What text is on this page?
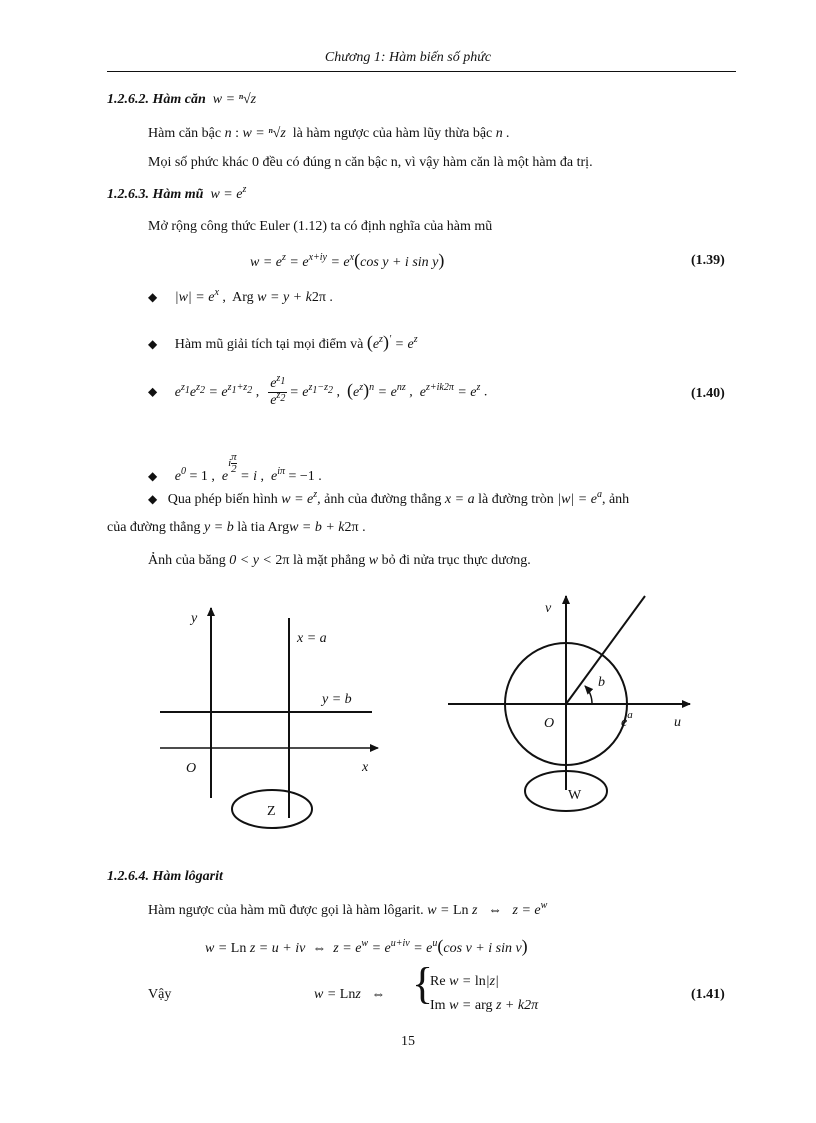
Chương 1: Hàm biến số phức
1.2.6.2. Hàm căn w = ⁿ√z
Hàm căn bậc n : w = ⁿ√z là hàm ngược của hàm lũy thừa bậc n .
Mọi số phức khác 0 đều có đúng n căn bậc n, vì vậy hàm căn là một hàm đa trị.
1.2.6.3. Hàm mũ $w = e^z$
Mở rộng công thức Euler (1.12) ta có định nghĩa của hàm mũ
$w = e^z = e^{x+iy} = e^x(\cos$ y + i sin y)	(1.39)
◆ $|w| = e^x$ ,  Arg w = y + k2π .
◆ Hàm mũ giải tích tại mọi điểm và $(e^z)' = e^z$
◆ $e^{z_1}e^{z_2} = e^{z_1+z_2}$ , $\frac{e^{z_1}}{e^{z_2}} = e^{z_1-z_2}$ ,  $(e^z)^n = e^{nz}$ ,  $e^{z+ik2\pi} = e^z$ .	(1.40)
◆ $e^0 = 1$ ,  ei $\frac{\pi}{2}$
= i ,  $e^{i\pi} = -1$ .
◆ Qua phép biến hình $w = e^z$, ảnh của đường thẳng x = a là đường tròn $|w| = e^a$, ảnh
của đường thẳng y = b là tia Argw = b + k2π .
Ảnh của băng 0 < y < 2π là mặt phẳng w bỏ đi nửa trục thực dương.
y
x
O
x = a
y = b
Z
v
u
O
b
$e^a$
W
1.2.6.4. Hàm lôgarit
Hàm ngược của hàm mũ được gọi là hàm lôgarit. w = Ln z   ⇔   $z = e^w$
w = Ln z = u + iv  ⇔  $z = e^w = e^{u+iv} = e^u(\cos$ v + i sin v)
Vậy	w = Lnz   ⇔ {
Re w = ln|z|
Im w = arg z + k2π
(1.41)
15
